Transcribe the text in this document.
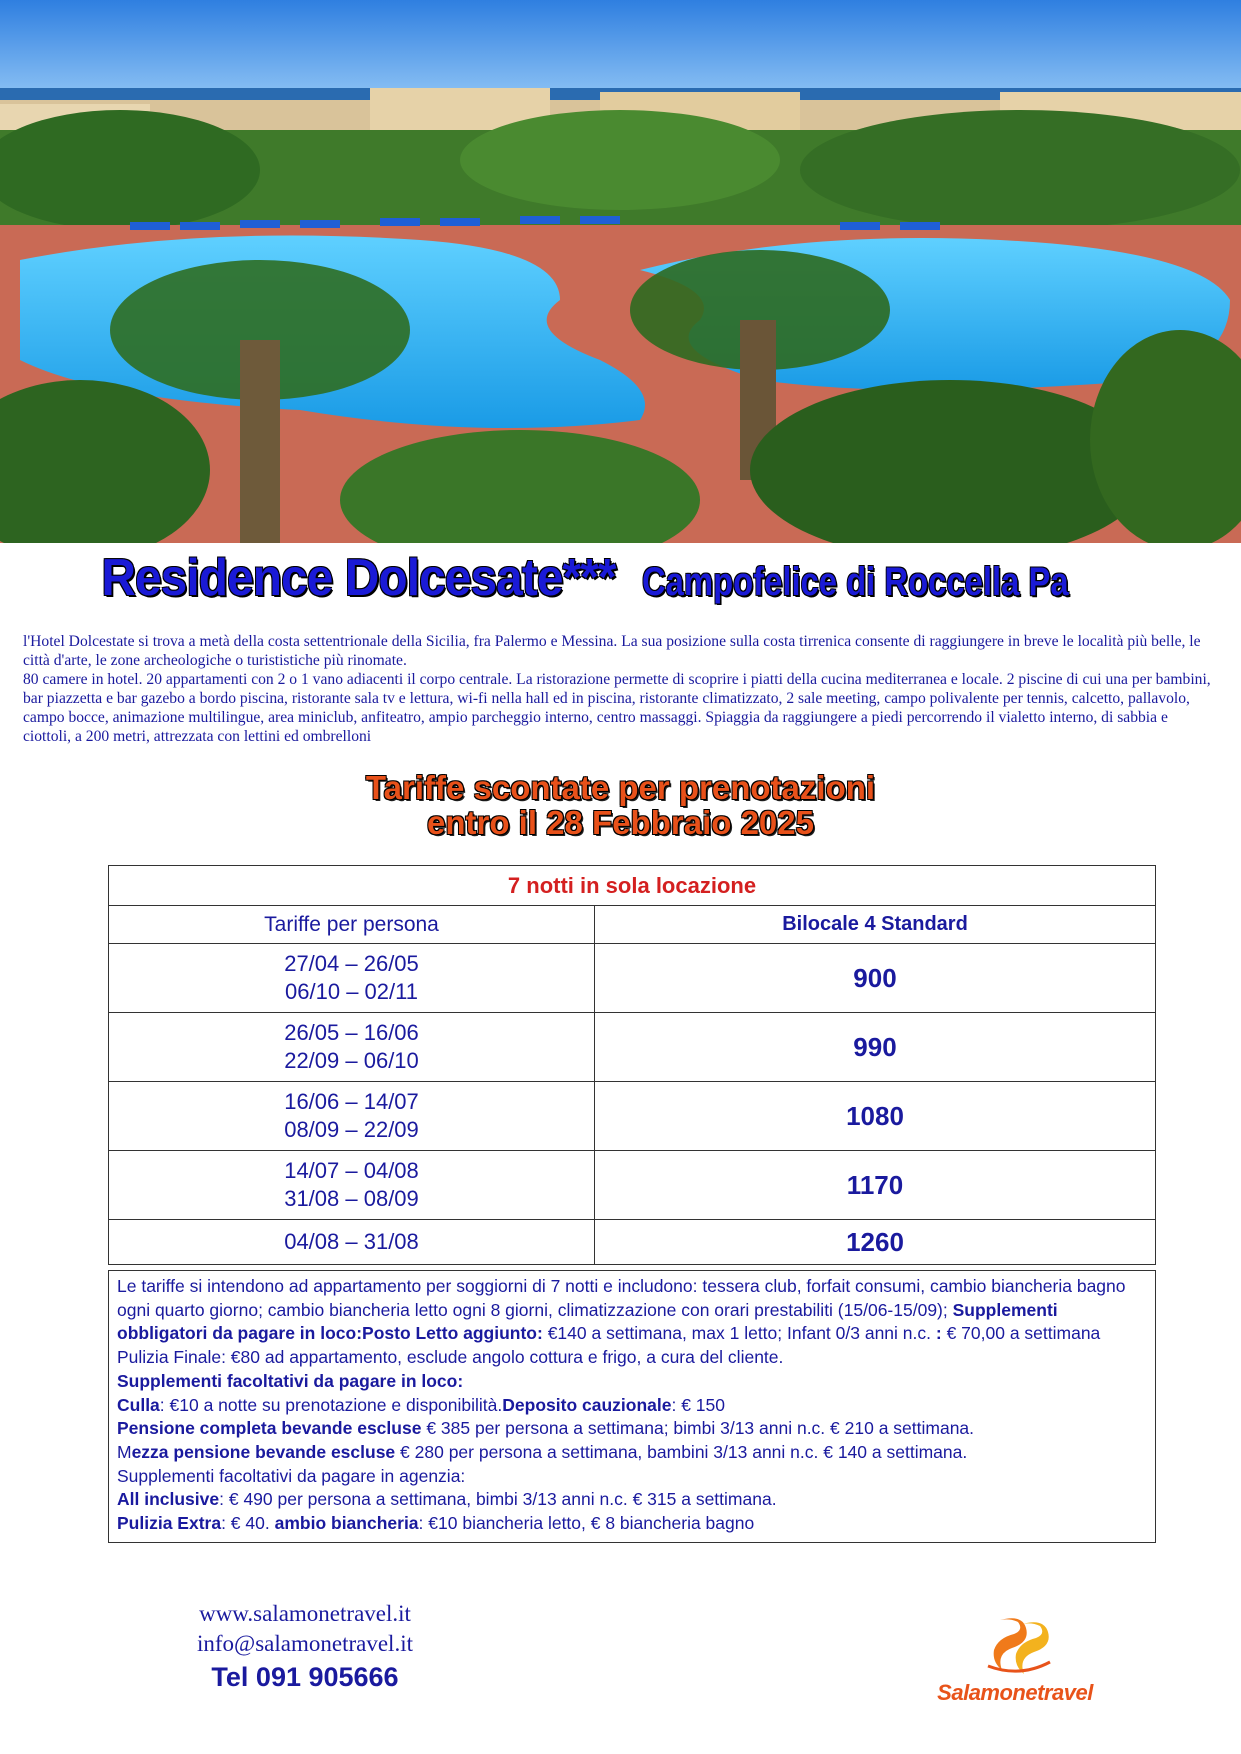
Residence Dolcesate*** Campofelice di Roccella Pa

l'Hotel Dolcestate si trova a metà della costa settentrionale della Sicilia, fra Palermo e Messina. La sua posizione sulla costa tirrenica consente di raggiungere in breve le località più belle, le città d'arte, le zone archeologiche o turististiche più rinomate.

80 camere in hotel. 20 appartamenti con 2 o 1 vano adiacenti il corpo centrale. La ristorazione permette di scoprire i piatti della cucina mediterranea e locale. 2 piscine di cui una per bambini, bar piazzetta e bar gazebo a bordo piscina, ristorante sala tv e lettura, wi-fi nella hall ed in piscina, ristorante climatizzato, 2 sale meeting, campo polivalente per tennis, calcetto, pallavolo, campo bocce, animazione multilingue, area miniclub, anfiteatro, ampio parcheggio interno, centro massaggi. Spiaggia da raggiungere a piedi percorrendo il vialetto interno, di sabbia e ciottoli, a 200 metri, attrezzata con lettini ed ombrelloni

Tariffe scontate per prenotazioni
entro il 28 Febbraio 2025
7 notti in sola locazione	
Tariffe per persona	Bilocale 4 Standard

27/04 – 26/05
06/10 – 02/11	900

26/05 – 16/06
22/09 – 06/10	990

16/06 – 14/07
08/09 – 22/09	1080

14/07 – 04/08
31/08 – 08/09	1170

04/08 – 31/08	1260
Le tariffe si intendono ad appartamento per soggiorni di 7 notti e includono: tessera club, forfait consumi, cambio biancheria bagno ogni quarto giorno; cambio biancheria letto ogni 8 giorni, climatizzazione con orari prestabiliti (15/06-15/09); Supplementi obbligatori da pagare in loco:Posto Letto aggiunto: €140 a settimana, max 1 letto; Infant 0/3 anni n.c. : € 70,00 a settimana
Pulizia Finale: €80 ad appartamento, esclude angolo cottura e frigo, a cura del cliente.
Supplementi facoltativi da pagare in loco:
Culla: €10 a notte su prenotazione e disponibilità.Deposito cauzionale: € 150
Pensione completa bevande escluse € 385 per persona a settimana; bimbi 3/13 anni n.c. € 210 a settimana.
Mezza pensione bevande escluse € 280 per persona a settimana, bambini 3/13 anni n.c. € 140 a settimana.
Supplementi facoltativi da pagare in agenzia:
All inclusive: € 490 per persona a settimana, bimbi 3/13 anni n.c. € 315 a settimana.
Pulizia Extra: € 40. ambio biancheria: €10 biancheria letto, € 8 biancheria bagno
www.salamonetravel.it
info@salamonetravel.it
Tel 091 905666
Salamonetravel
